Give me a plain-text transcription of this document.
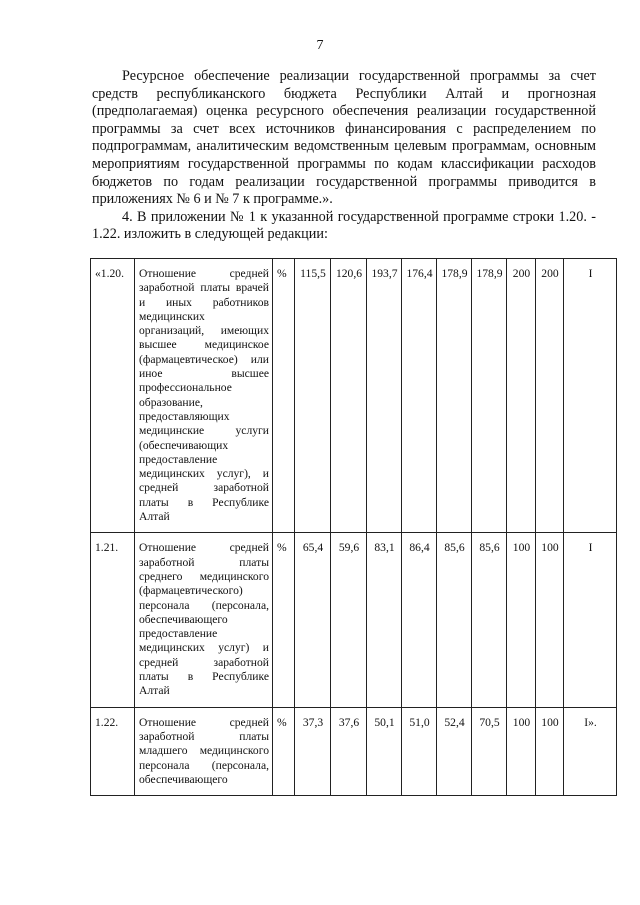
7

Ресурсное обеспечение реализации государственной программы за счет средств республиканского бюджета Республики Алтай и прогнозная (предполагаемая) оценка ресурсного обеспечения реализации государственной программы за счет всех источников финансирования с распределением по подпрограммам, аналитическим ведомственным целевым программам, основным мероприятиям государственной программы по кодам классификации расходов бюджетов по годам реализации государственной программы приводится в приложениях № 6 и № 7 к программе.».

4. В приложении № 1 к указанной государственной программе строки 1.20. - 1.22. изложить в следующей редакции:

«1.20.	Отношение средней заработной платы врачей и иных работников медицинских организаций, имеющих высшее медицинское (фармацевтическое) или иное высшее профессиональное образование, предоставляющих медицинские услуги (обеспечивающих предоставление медицинских услуг), и средней заработной платы в Республике Алтай	%	115,5	120,6	193,7	176,4	178,9	178,9	200	200	I
1.21.	Отношение средней заработной платы среднего медицинского (фармацевтического) персонала (персонала, обеспечивающего предоставление медицинских услуг) и средней заработной платы в Республике Алтай	%	65,4	59,6	83,1	86,4	85,6	85,6	100	100	I
1.22.	Отношение средней заработной платы младшего медицинского персонала (персонала, обеспечивающего	%	37,3	37,6	50,1	51,0	52,4	70,5	100	100	I».
